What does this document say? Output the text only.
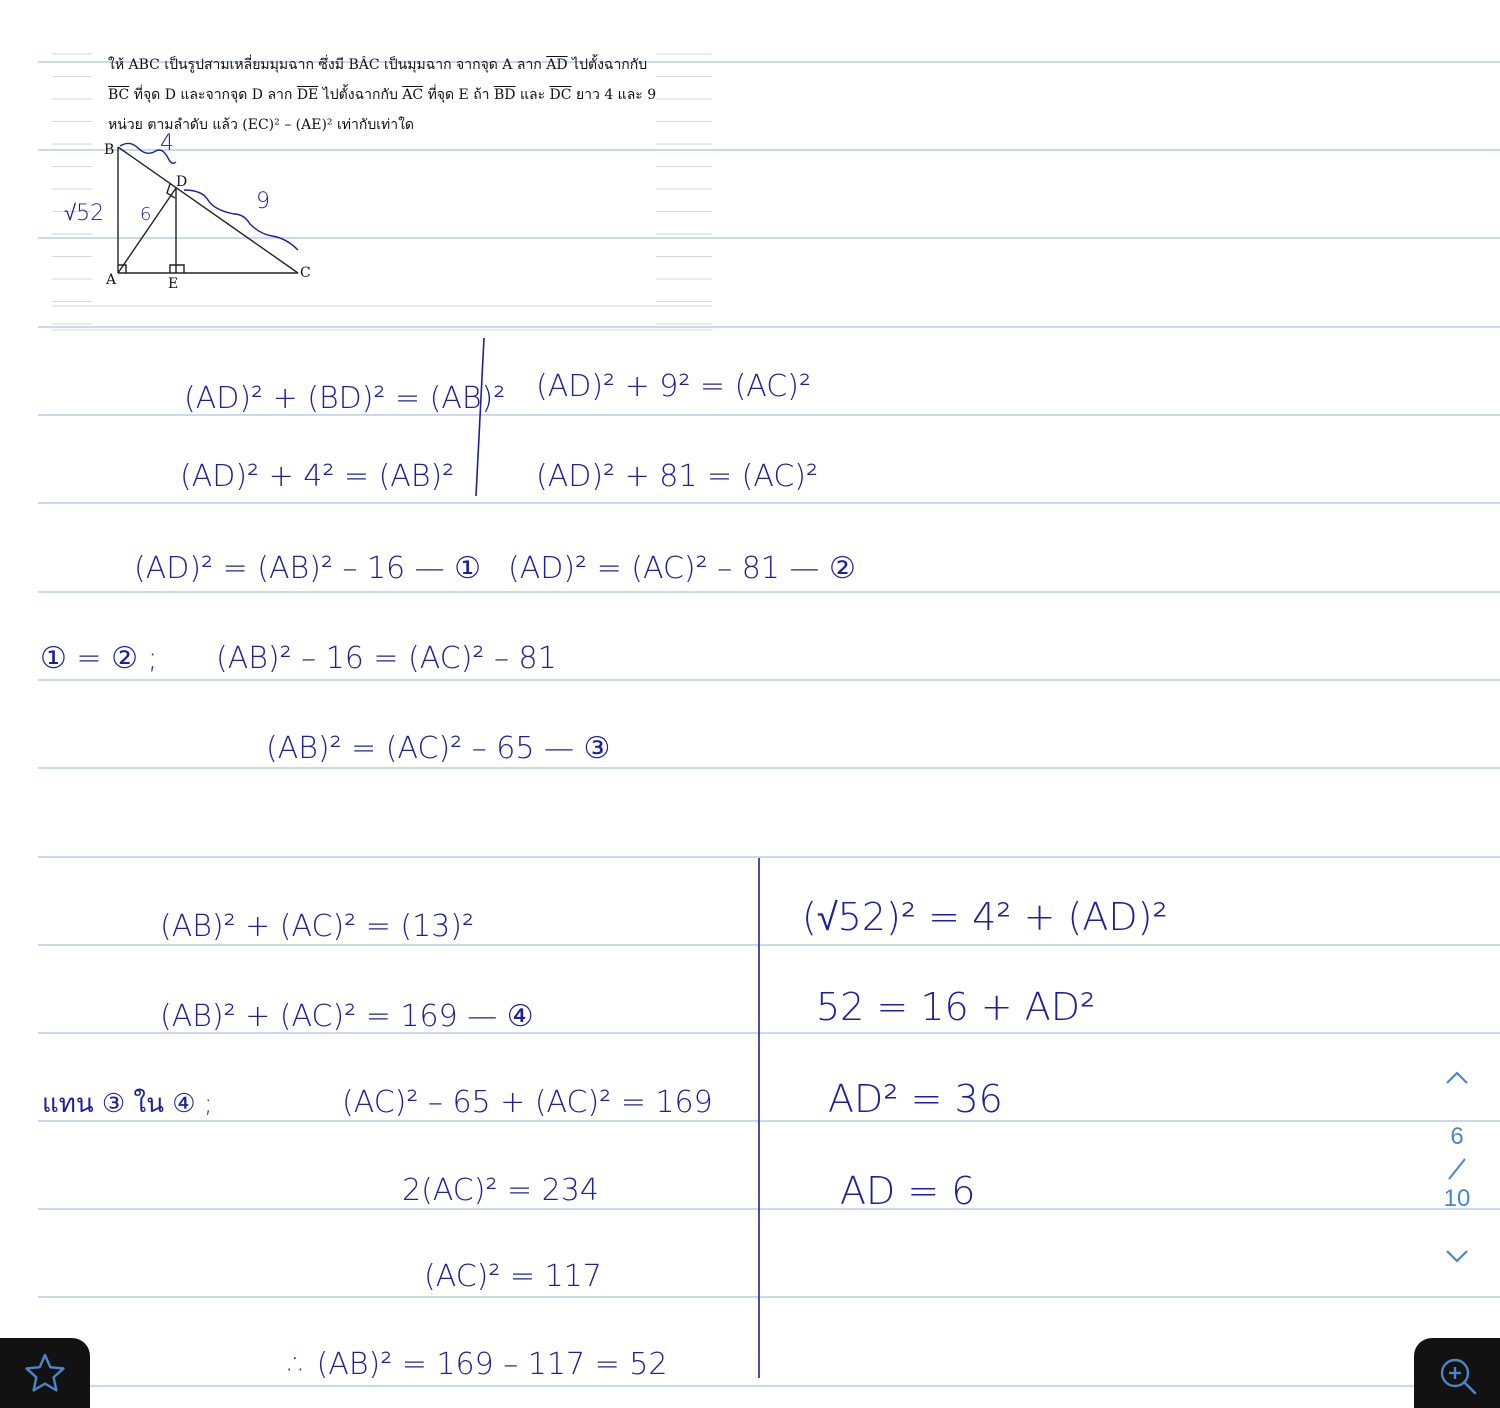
ให้ ABC เป็นรูปสามเหลี่ยมมุมฉาก ซึ่งมี BÂC เป็นมุมฉาก จากจุด A ลาก $\overline{AD}$ ไปตั้งฉากกับ
$\overline{BC}$ ที่จุด D และจากจุด D ลาก $\overline{DE}$ ไปตั้งฉากกับ $\overline{AC}$ ที่จุด E ถ้า $\overline{BD}$ และ $\overline{DC}$ ยาว 4 และ 9
หน่วย ตามลำดับ แล้ว (EC)² – (AE)² เท่ากับเท่าใด
B
A	C
D
E
4
9
√52 6
(AD)² + (BD)² = (AB)²
(AD)² + 4² = (AB)²
(AD)² + 9² = (AC)²
(AD)² + 81 = (AC)²
(AD)² = (AB)² – 16 — ① (AD)² = (AC)² – 81 — ②
① = ② ; (AB)² – 16 = (AC)² – 81
(AB)² = (AC)² – 65 — ③
(AB)² + (AC)² = (13)²
(AB)² + (AC)² = 169 — ④
แทน ③ ใน ④ ;	(AC)² – 65 + (AC)² = 169
2(AC)² = 234
(AC)² = 117
∴ (AB)² = 169 – 117 = 52
(√52)² = 4² + (AD)²
52 = 16 + AD²
AD² = 36
AD = 6
6
10
